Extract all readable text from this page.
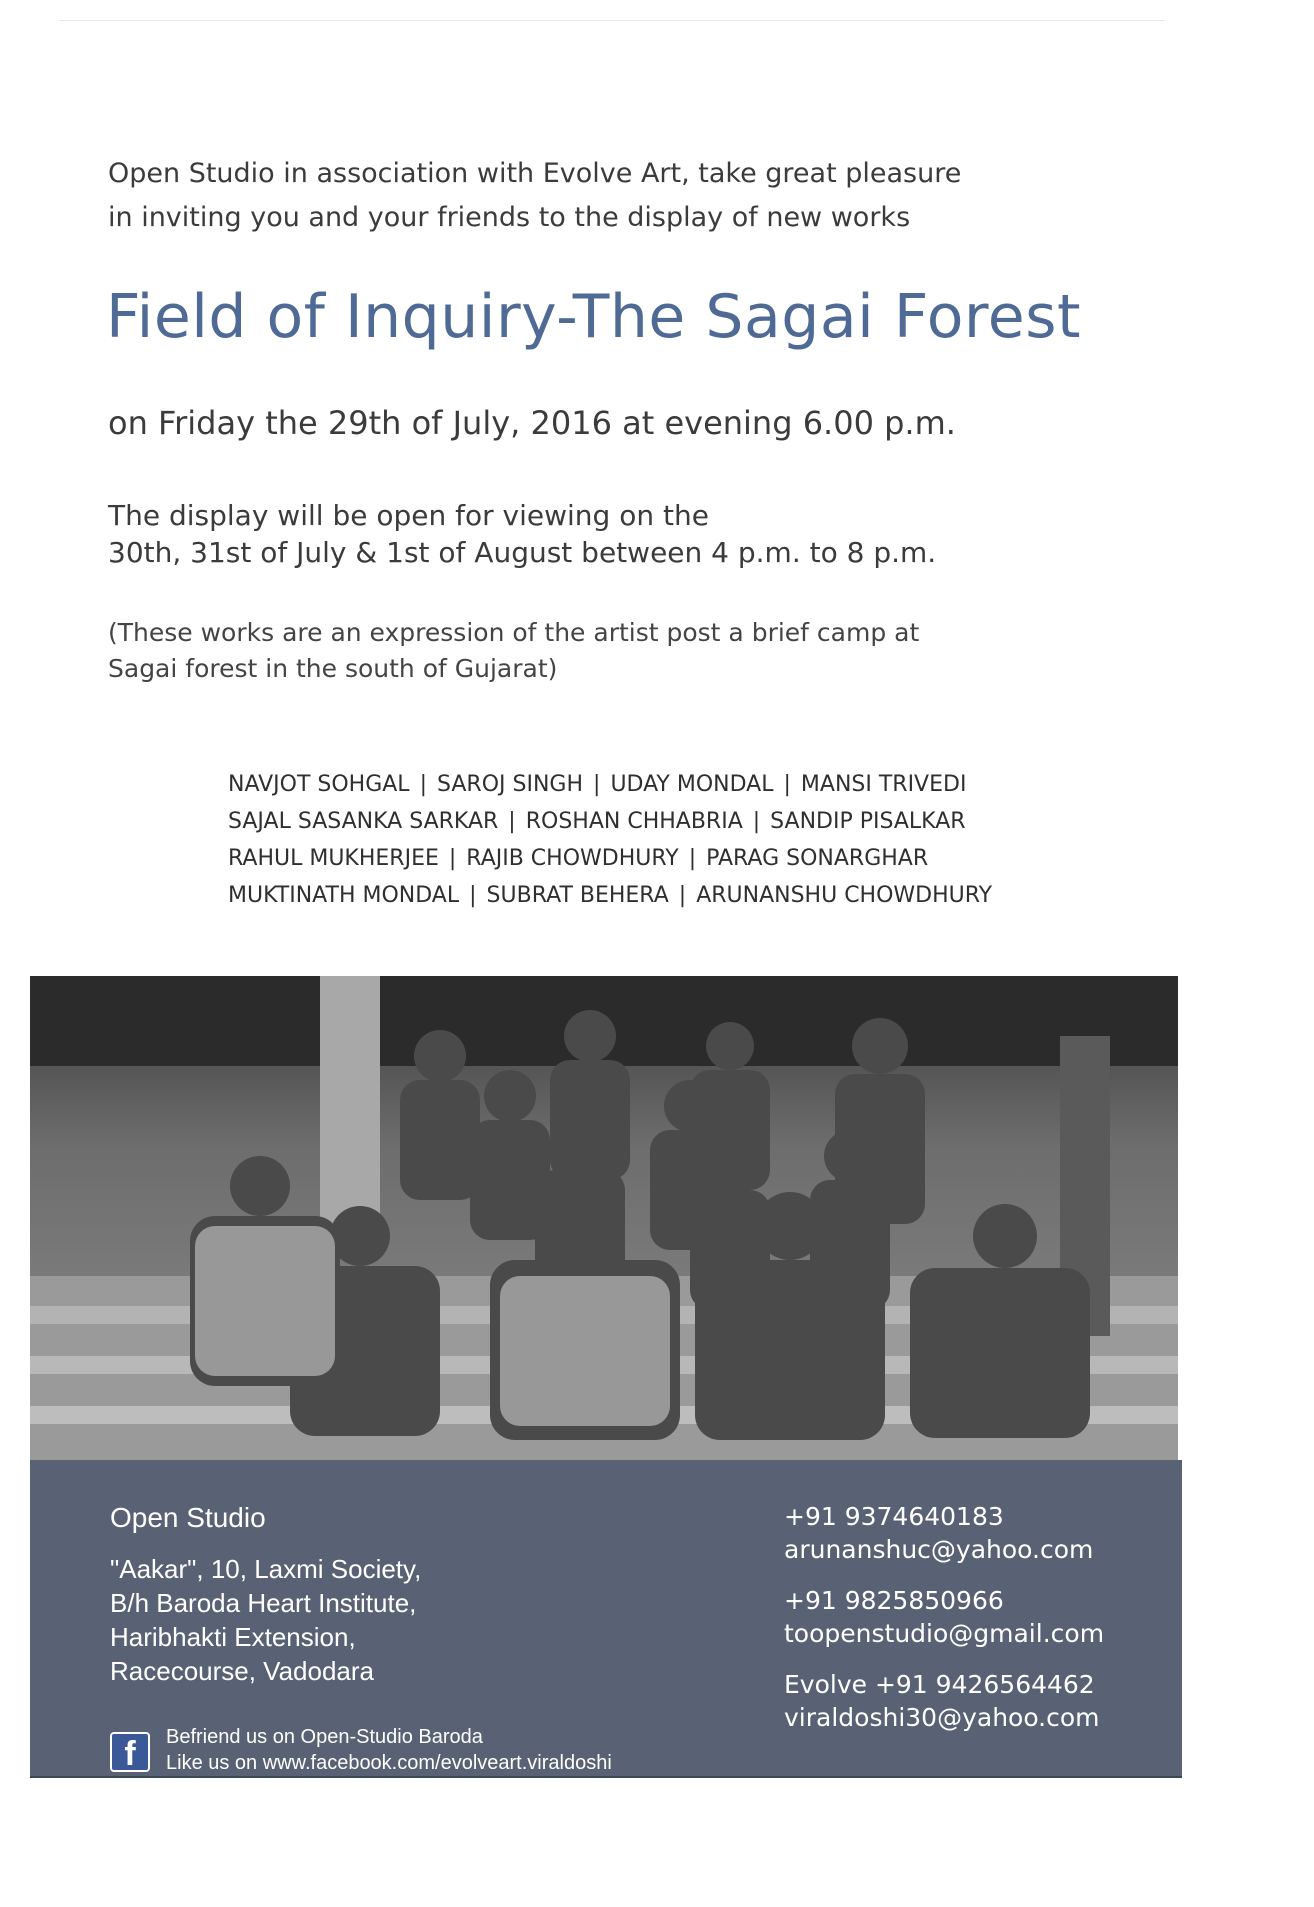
Open Studio in association with Evolve Art, take great pleasure
in inviting you and your friends to the display of new works
Field of Inquiry-The Sagai Forest
on Friday the 29th of July, 2016 at evening 6.00 p.m.
The display will be open for viewing on the
30th, 31st of July & 1st of August between 4 p.m. to 8 p.m.
(These works are an expression of the artist post a brief camp at
Sagai forest in the south of Gujarat)
NAVJOT SOHGAL | SAROJ SINGH | UDAY MONDAL | MANSI TRIVEDI
SAJAL SASANKA SARKAR | ROSHAN CHHABRIA | SANDIP PISALKAR
RAHUL MUKHERJEE | RAJIB CHOWDHURY | PARAG SONARGHAR
MUKTINATH MONDAL | SUBRAT BEHERA | ARUNANSHU CHOWDHURY
Open Studio
"Aakar", 10, Laxmi Society,
B/h Baroda Heart Institute,
Haribhakti Extension,
Racecourse, Vadodara
f	Befriend us on Open-Studio Baroda
Like us on www.facebook.com/evolveart.viraldoshi
+91 9374640183
arunanshuc@yahoo.com
+91 9825850966
toopenstudio@gmail.com
Evolve +91 9426564462
viraldoshi30@yahoo.com
